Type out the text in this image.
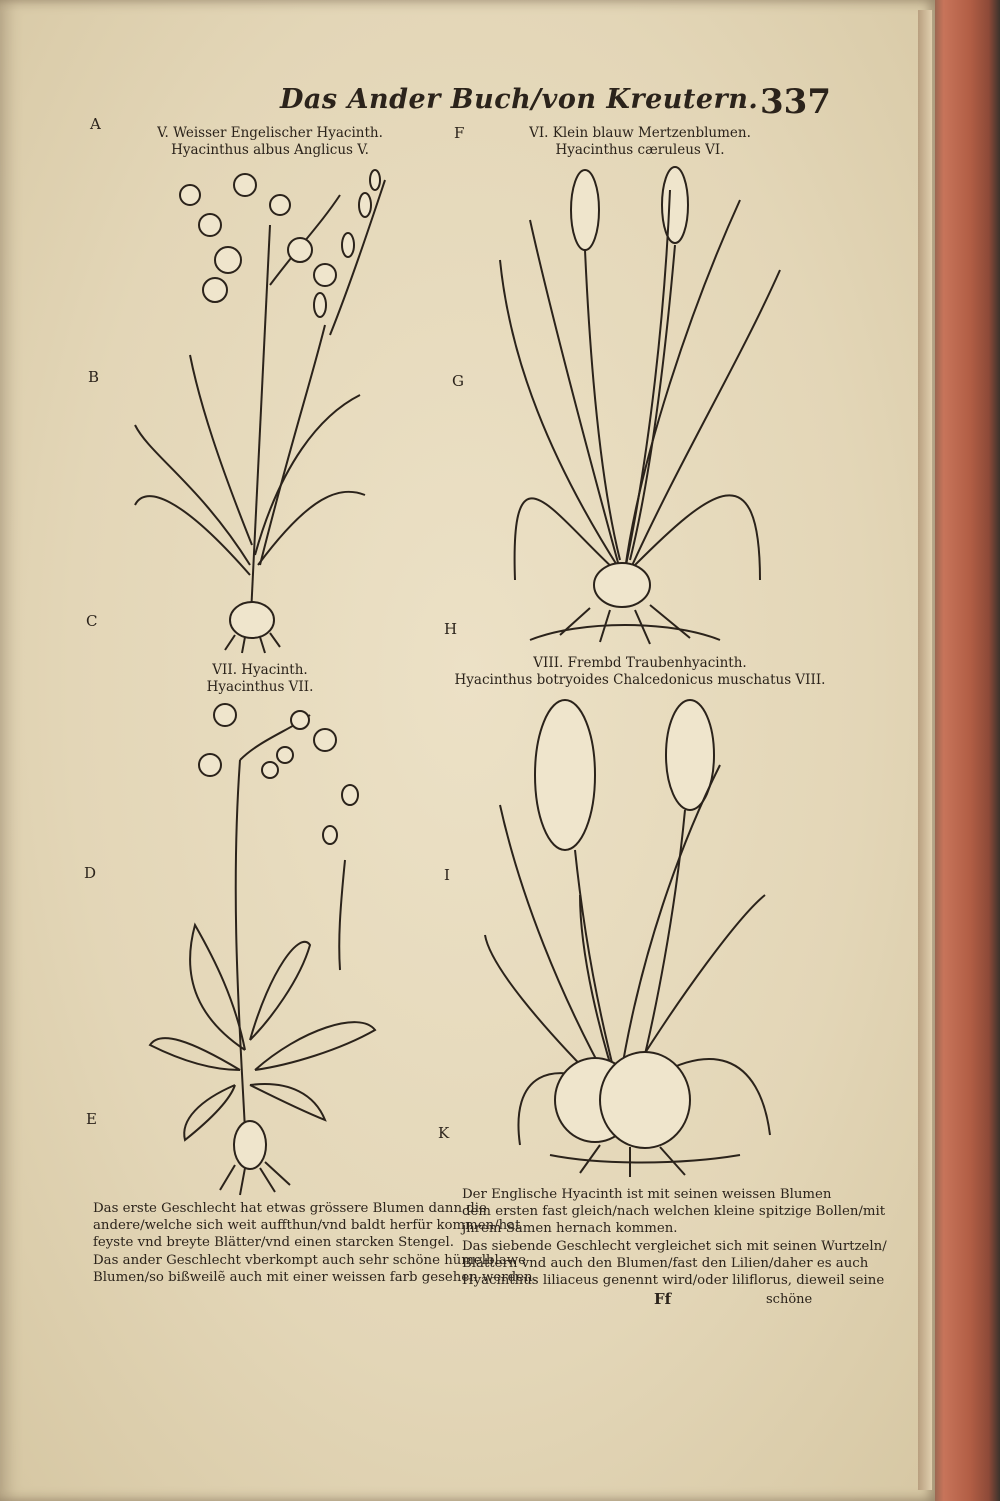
Das Ander Buch/von Kreutern. 337
A
B
C
D
E
F
G
H
I
K
V. Weisser Engelischer Hyacinth.
Hyacinthus albus Anglicus V.
VI. Klein blauw Mertzenblumen.
Hyacinthus cæruleus VI.
VII. Hyacinth.
Hyacinthus VII.
VIII. Frembd Traubenhyacinth.
Hyacinthus botryoides Chalcedonicus muschatus VIII.
Das erste Geschlecht hat etwas grössere Blumen dann die
andere/welche sich weit auffthun/vnd baldt herfür kommen/hat
feyste vnd breyte Blätter/vnd einen starcken Stengel.
Das ander Geschlecht vberkompt auch sehr schöne hümelblawe
Blumen/so bißweilẽ auch mit einer weissen farb gesehen werden.
Der Englische Hyacinth ist mit seinen weissen Blumen
dem ersten fast gleich/nach welchen kleine spitzige Bollen/mit
jhrem Samen hernach kommen.
Das siebende Geschlecht vergleichet sich mit seinen Wurtzeln/
Blättern vnd auch den Blumen/fast den Lilien/daher es auch
Hyacinthus liliaceus genennt wird/oder liliflorus, dieweil seine
Ff	schöne
